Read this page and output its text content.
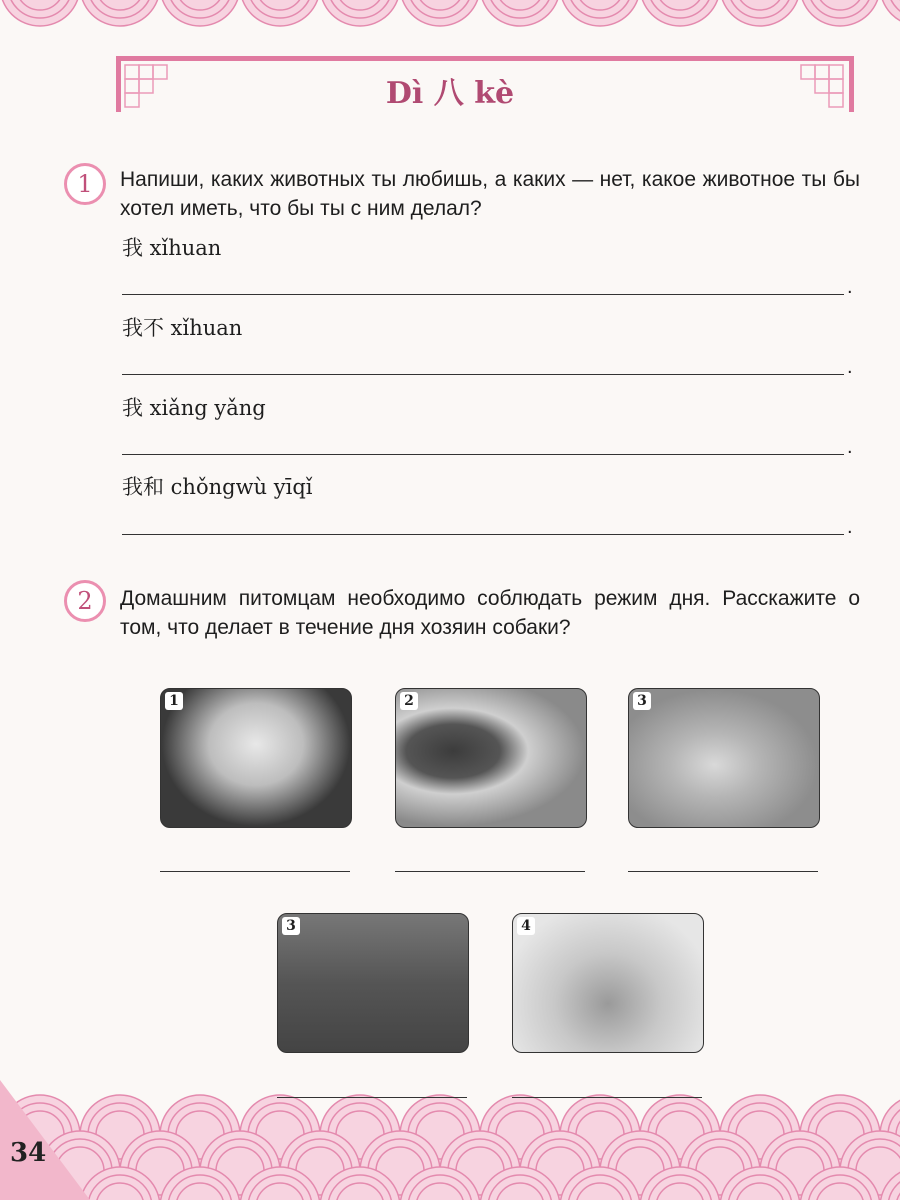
Dì 八 kè
1	Напиши, каких животных ты любишь, а каких — нет, какое животное ты бы хотел иметь, что бы ты с ним делал?
我 xǐhuan
.
我不 xǐhuan
.
我 xiǎng yǎng
.
我和 chǒngwù yīqǐ
.
2	Домашним питомцам необходимо соблюдать режим дня. Расскажите о том, что делает в течение дня хозяин собаки?
1	2	3
3	4
34
